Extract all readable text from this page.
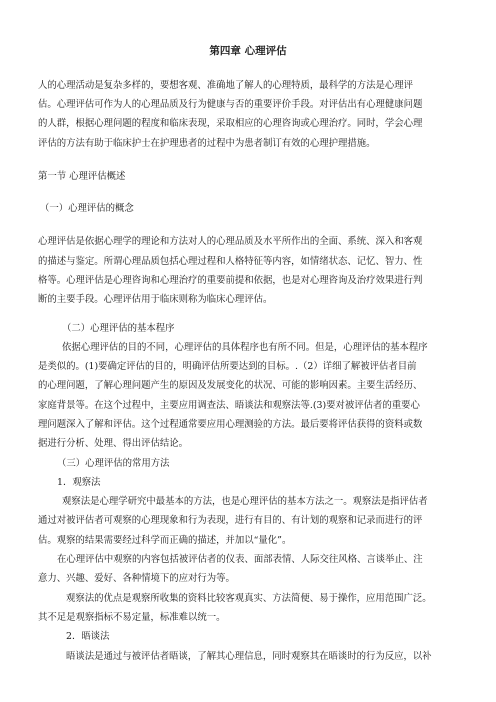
第四章 心理评估
人的心理活动是复杂多样的，要想客观、准确地了解人的心理特质，最科学的方法是心理评
估。心理评估可作为人的心理品质及行为健康与否的重要评价手段。对评估出有心理健康问题
的人群，根据心理问题的程度和临床表现，采取相应的心理咨询或心理治疗。同时，学会心理
评估的方法有助于临床护士在护理患者的过程中为患者制订有效的心理护理措施。
第一节 心理评估概述
（一）心理评估的概念
心理评估是依据心理学的理论和方法对人的心理品质及水平所作出的全面、系统、深入和客观
的描述与鉴定。所谓心理品质包括心理过程和人格特征等内容，如情绪状态、记忆、智力、性
格等。心理评估是心理咨询和心理治疗的重要前提和依据，也是对心理咨询及治疗效果进行判
断的主要手段。心理评估用于临床则称为临床心理评估。
（二）心理评估的基本程序
依据心理评估的目的不同，心理评估的具体程序也有所不同。但是，心理评估的基本程序
是类似的。(1)要确定评估的目的，明确评估所要达到的目标。.（2）详细了解被评估者目前
的心理问题，了解心理问题产生的原因及发展变化的状况、可能的影响因素。主要生活经历、
家庭背景等。在这个过程中，主要应用调查法、晤谈法和观察法等.(3)要对被评估者的重要心
理问题深入了解和评估。这个过程通常要应用心理测验的方法。最后要将评估获得的资料或数
据进行分析、处理、得出评估结论。
（三）心理评估的常用方法
1．观察法
观察法是心理学研究中最基本的方法，也是心理评估的基本方法之一。观察法是指评估者
通过对被评估者可观察的心理现象和行为表现，进行有目的、有计划的观察和记录而进行的评
估。观察的结果需要经过科学而正确的描述，并加以“量化”。
在心理评估中观察的内容包括被评估者的仪表、面部表情、人际交往风格、言谈举止、注
意力、兴趣、爱好、各种情境下的应对行为等。
观察法的优点是观察所收集的资料比较客观真实、方法简便、易于操作，应用范围广泛。
其不足是观察指标不易定量，标准难以统一。
2．晤谈法
晤谈法是通过与被评估者晤谈，了解其心理信息，同时观察其在晤谈时的行为反应，以补
